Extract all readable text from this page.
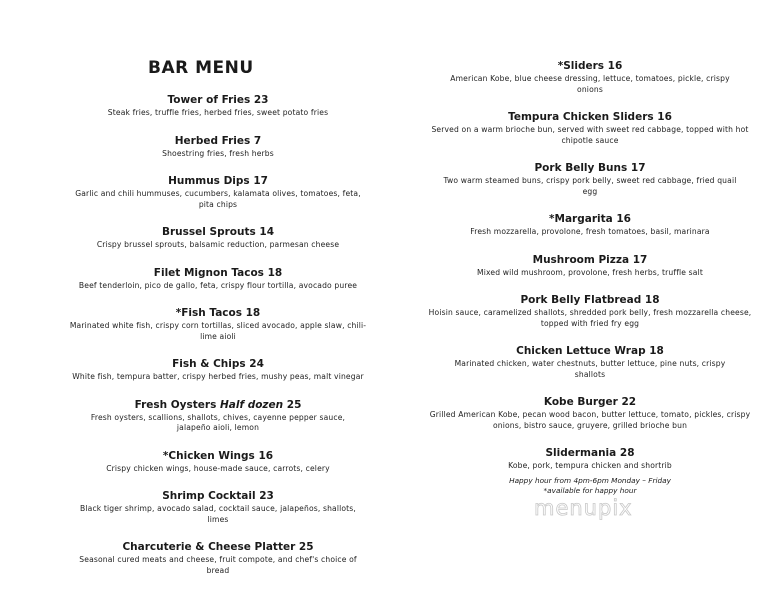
BAR MENU

Tower of Fries 23

Steak fries, truffle fries, herbed fries, sweet potato fries

Herbed Fries 7

Shoestring fries, fresh herbs

Hummus Dips 17

Garlic and chili hummuses, cucumbers, kalamata olives, tomatoes, feta, pita chips

Brussel Sprouts 14

Crispy brussel sprouts, balsamic reduction, parmesan cheese

Filet Mignon Tacos 18

Beef tenderloin, pico de gallo, feta, crispy flour tortilla, avocado puree

*Fish Tacos 18

Marinated white fish, crispy corn tortillas, sliced avocado, apple slaw, chili-lime aioli

Fish & Chips 24

White fish, tempura batter, crispy herbed fries, mushy peas, malt vinegar

Fresh Oysters Half dozen 25

Fresh oysters, scallions, shallots, chives, cayenne pepper sauce, jalapeño aioli, lemon

*Chicken Wings 16

Crispy chicken wings, house-made sauce, carrots, celery

Shrimp Cocktail 23

Black tiger shrimp, avocado salad, cocktail sauce, jalapeños, shallots, limes

Charcuterie & Cheese Platter 25

Seasonal cured meats and cheese, fruit compote, and chef's choice of bread

*Sliders 16

American Kobe, blue cheese dressing, lettuce, tomatoes, pickle, crispy onions

Tempura Chicken Sliders 16

Served on a warm brioche bun, served with sweet red cabbage, topped with hot chipotle sauce

Pork Belly Buns 17

Two warm steamed buns, crispy pork belly, sweet red cabbage, fried quail egg

*Margarita 16

Fresh mozzarella, provolone, fresh tomatoes, basil, marinara

Mushroom Pizza 17

Mixed wild mushroom, provolone, fresh herbs, truffle salt

Pork Belly Flatbread 18

Hoisin sauce, caramelized shallots, shredded pork belly, fresh mozzarella cheese, topped with fried fry egg

Chicken Lettuce Wrap 18

Marinated chicken, water chestnuts, butter lettuce, pine nuts, crispy shallots

Kobe Burger 22

Grilled American Kobe, pecan wood bacon, butter lettuce, tomato, pickles, crispy onions, bistro sauce, gruyere, grilled brioche bun

Slidermania 28

Kobe, pork, tempura chicken and shortrib

Happy hour from 4pm-6pm Monday – Friday
*available for happy hour
menupix
